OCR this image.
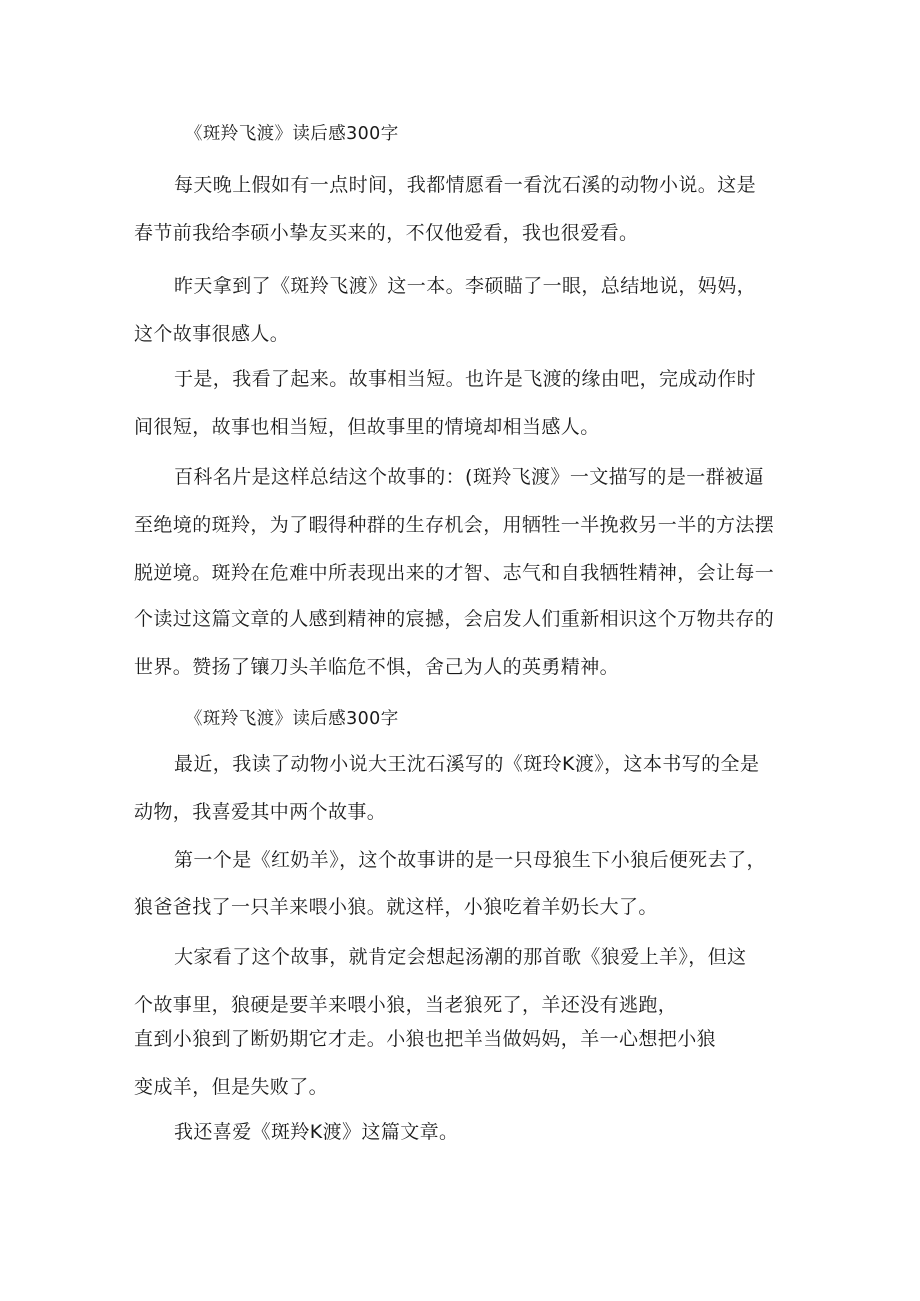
《斑羚飞渡》读后感300字
每天晚上假如有一点时间，我都情愿看一看沈石溪的动物小说。这是
春节前我给李硕小挚友买来的，不仅他爱看，我也很爱看。
昨天拿到了《斑羚飞渡》这一本。李硕瞄了一眼，总结地说，妈妈，
这个故事很感人。
于是，我看了起来。故事相当短。也许是飞渡的缘由吧，完成动作时
间很短，故事也相当短，但故事里的情境却相当感人。
百科名片是这样总结这个故事的：(斑羚飞渡》一文描写的是一群被逼
至绝境的斑羚，为了暇得种群的生存机会，用牺牲一半挽救另一半的方法摆
脱逆境。斑羚在危难中所表现出来的才智、志气和自我牺牲精神，会让每一
个读过这篇文章的人感到精神的宸撼，会启发人们重新相识这个万物共存的
世界。赞扬了镶刀头羊临危不惧，舍己为人的英勇精神。
《斑羚飞渡》读后感300字
最近，我读了动物小说大王沈石溪写的《斑玲K渡》，这本书写的全是
动物，我喜爱其中两个故事。
第一个是《红奶羊》，这个故事讲的是一只母狼生下小狼后便死去了，
狼爸爸找了一只羊来喂小狼。就这样，小狼吃着羊奶长大了。
大家看了这个故事，就肯定会想起汤潮的那首歌《狼爱上羊》，但这
个故事里，狼硬是要羊来喂小狼，当老狼死了，羊还没有逃跑，
直到小狼到了断奶期它才走。小狼也把羊当做妈妈，羊一心想把小狼
变成羊，但是失败了。
我还喜爱《斑羚K渡》这篇文章。
